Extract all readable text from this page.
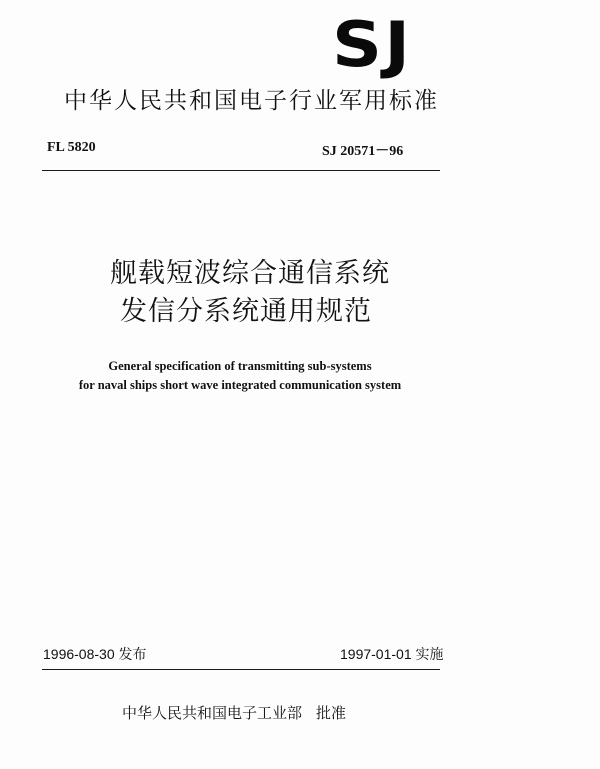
SJ
中华人民共和国电子行业军用标准
FL 5820	SJ 20571－96
舰载短波综合通信系统
发信分系统通用规范
General specification of transmitting sub-systems
for naval ships short wave integrated communication system
1996-08-30 发布	1997-01-01 实施
中华人民共和国电子工业部 批准
